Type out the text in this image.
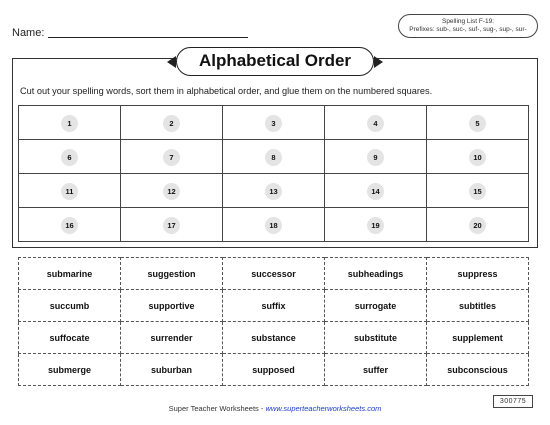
Name:
Spelling List F-19:
Prefixes: sub-, suc-, suf-, sug-, sup-, sur-
Alphabetical Order
Cut out your spelling words, sort them in alphabetical order, and glue them on the numbered squares.
1	2	3	4	5
6	7	8	9	10
11	12	13	14	15
16	17	18	19	20
submarine	suggestion	successor	subheadings	suppress
succumb	supportive	suffix	surrogate	subtitles
suffocate	surrender	substance	substitute	supplement
submerge	suburban	supposed	suffer	subconscious
Super Teacher Worksheets - www.superteacherworksheets.com
300775
